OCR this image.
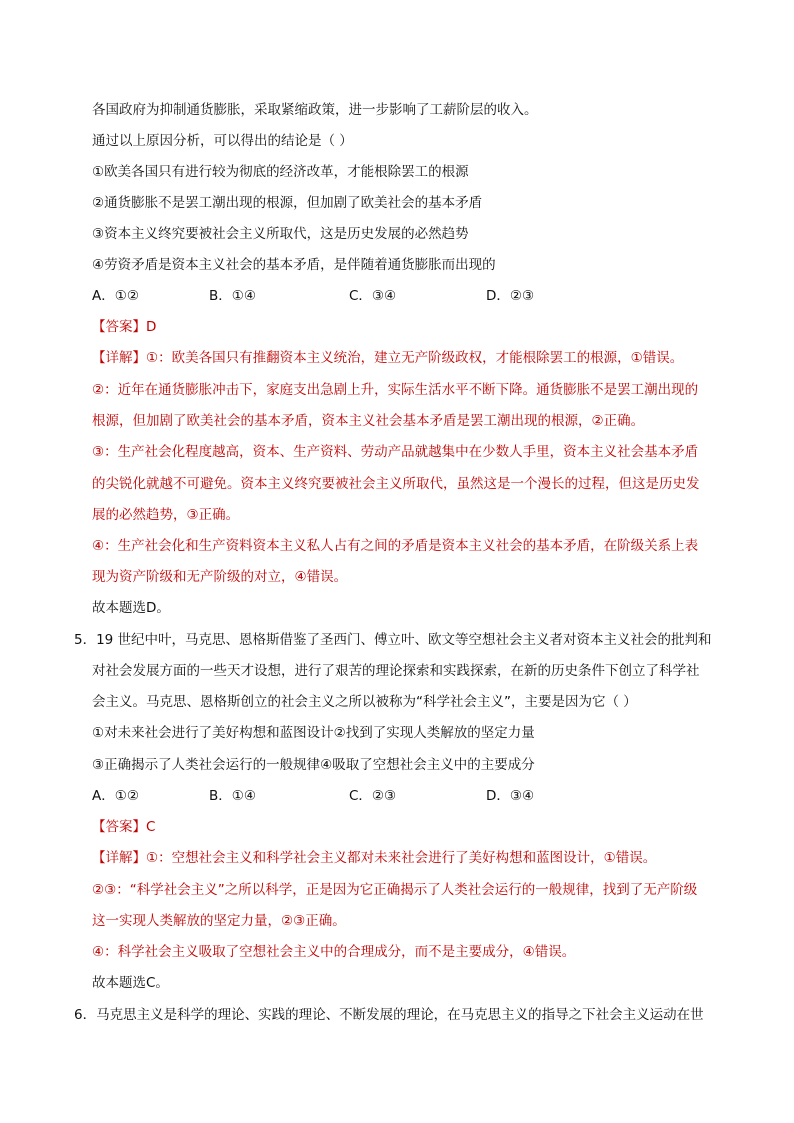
各国政府为抑制通货膨胀，采取紧缩政策，进一步影响了工薪阶层的收入。
通过以上原因分析，可以得出的结论是（ ）
①欧美各国只有进行较为彻底的经济改革，才能根除罢工的根源
②通货膨胀不是罢工潮出现的根源，但加剧了欧美社会的基本矛盾
③资本主义终究要被社会主义所取代，这是历史发展的必然趋势
④劳资矛盾是资本主义社会的基本矛盾，是伴随着通货膨胀而出现的
A．①②	B．①④	C．③④	D．②③
【答案】D
【详解】①：欧美各国只有推翻资本主义统治，建立无产阶级政权，才能根除罢工的根源，①错误。
②：近年在通货膨胀冲击下，家庭支出急剧上升，实际生活水平不断下降。通货膨胀不是罢工潮出现的
根源，但加剧了欧美社会的基本矛盾，资本主义社会基本矛盾是罢工潮出现的根源，②正确。
③：生产社会化程度越高，资本、生产资料、劳动产品就越集中在少数人手里，资本主义社会基本矛盾
的尖锐化就越不可避免。资本主义终究要被社会主义所取代，虽然这是一个漫长的过程，但这是历史发
展的必然趋势，③正确。
④：生产社会化和生产资料资本主义私人占有之间的矛盾是资本主义社会的基本矛盾，在阶级关系上表
现为资产阶级和无产阶级的对立，④错误。
故本题选D。
5．19 世纪中叶，马克思、恩格斯借鉴了圣西门、傅立叶、欧文等空想社会主义者对资本主义社会的批判和
对社会发展方面的一些天才设想，进行了艰苦的理论探索和实践探索，在新的历史条件下创立了科学社
会主义。马克思、恩格斯创立的社会主义之所以被称为“科学社会主义”，主要是因为它（ ）
①对未来社会进行了美好构想和蓝图设计②找到了实现人类解放的坚定力量
③正确揭示了人类社会运行的一般规律④吸取了空想社会主义中的主要成分
A．①②	B．①④	C．②③	D．③④
【答案】C
【详解】①：空想社会主义和科学社会主义都对未来社会进行了美好构想和蓝图设计，①错误。
②③：“科学社会主义”之所以科学，正是因为它正确揭示了人类社会运行的一般规律，找到了无产阶级
这一实现人类解放的坚定力量，②③正确。
④：科学社会主义吸取了空想社会主义中的合理成分，而不是主要成分，④错误。
故本题选C。
6．马克思主义是科学的理论、实践的理论、不断发展的理论，在马克思主义的指导之下社会主义运动在世
